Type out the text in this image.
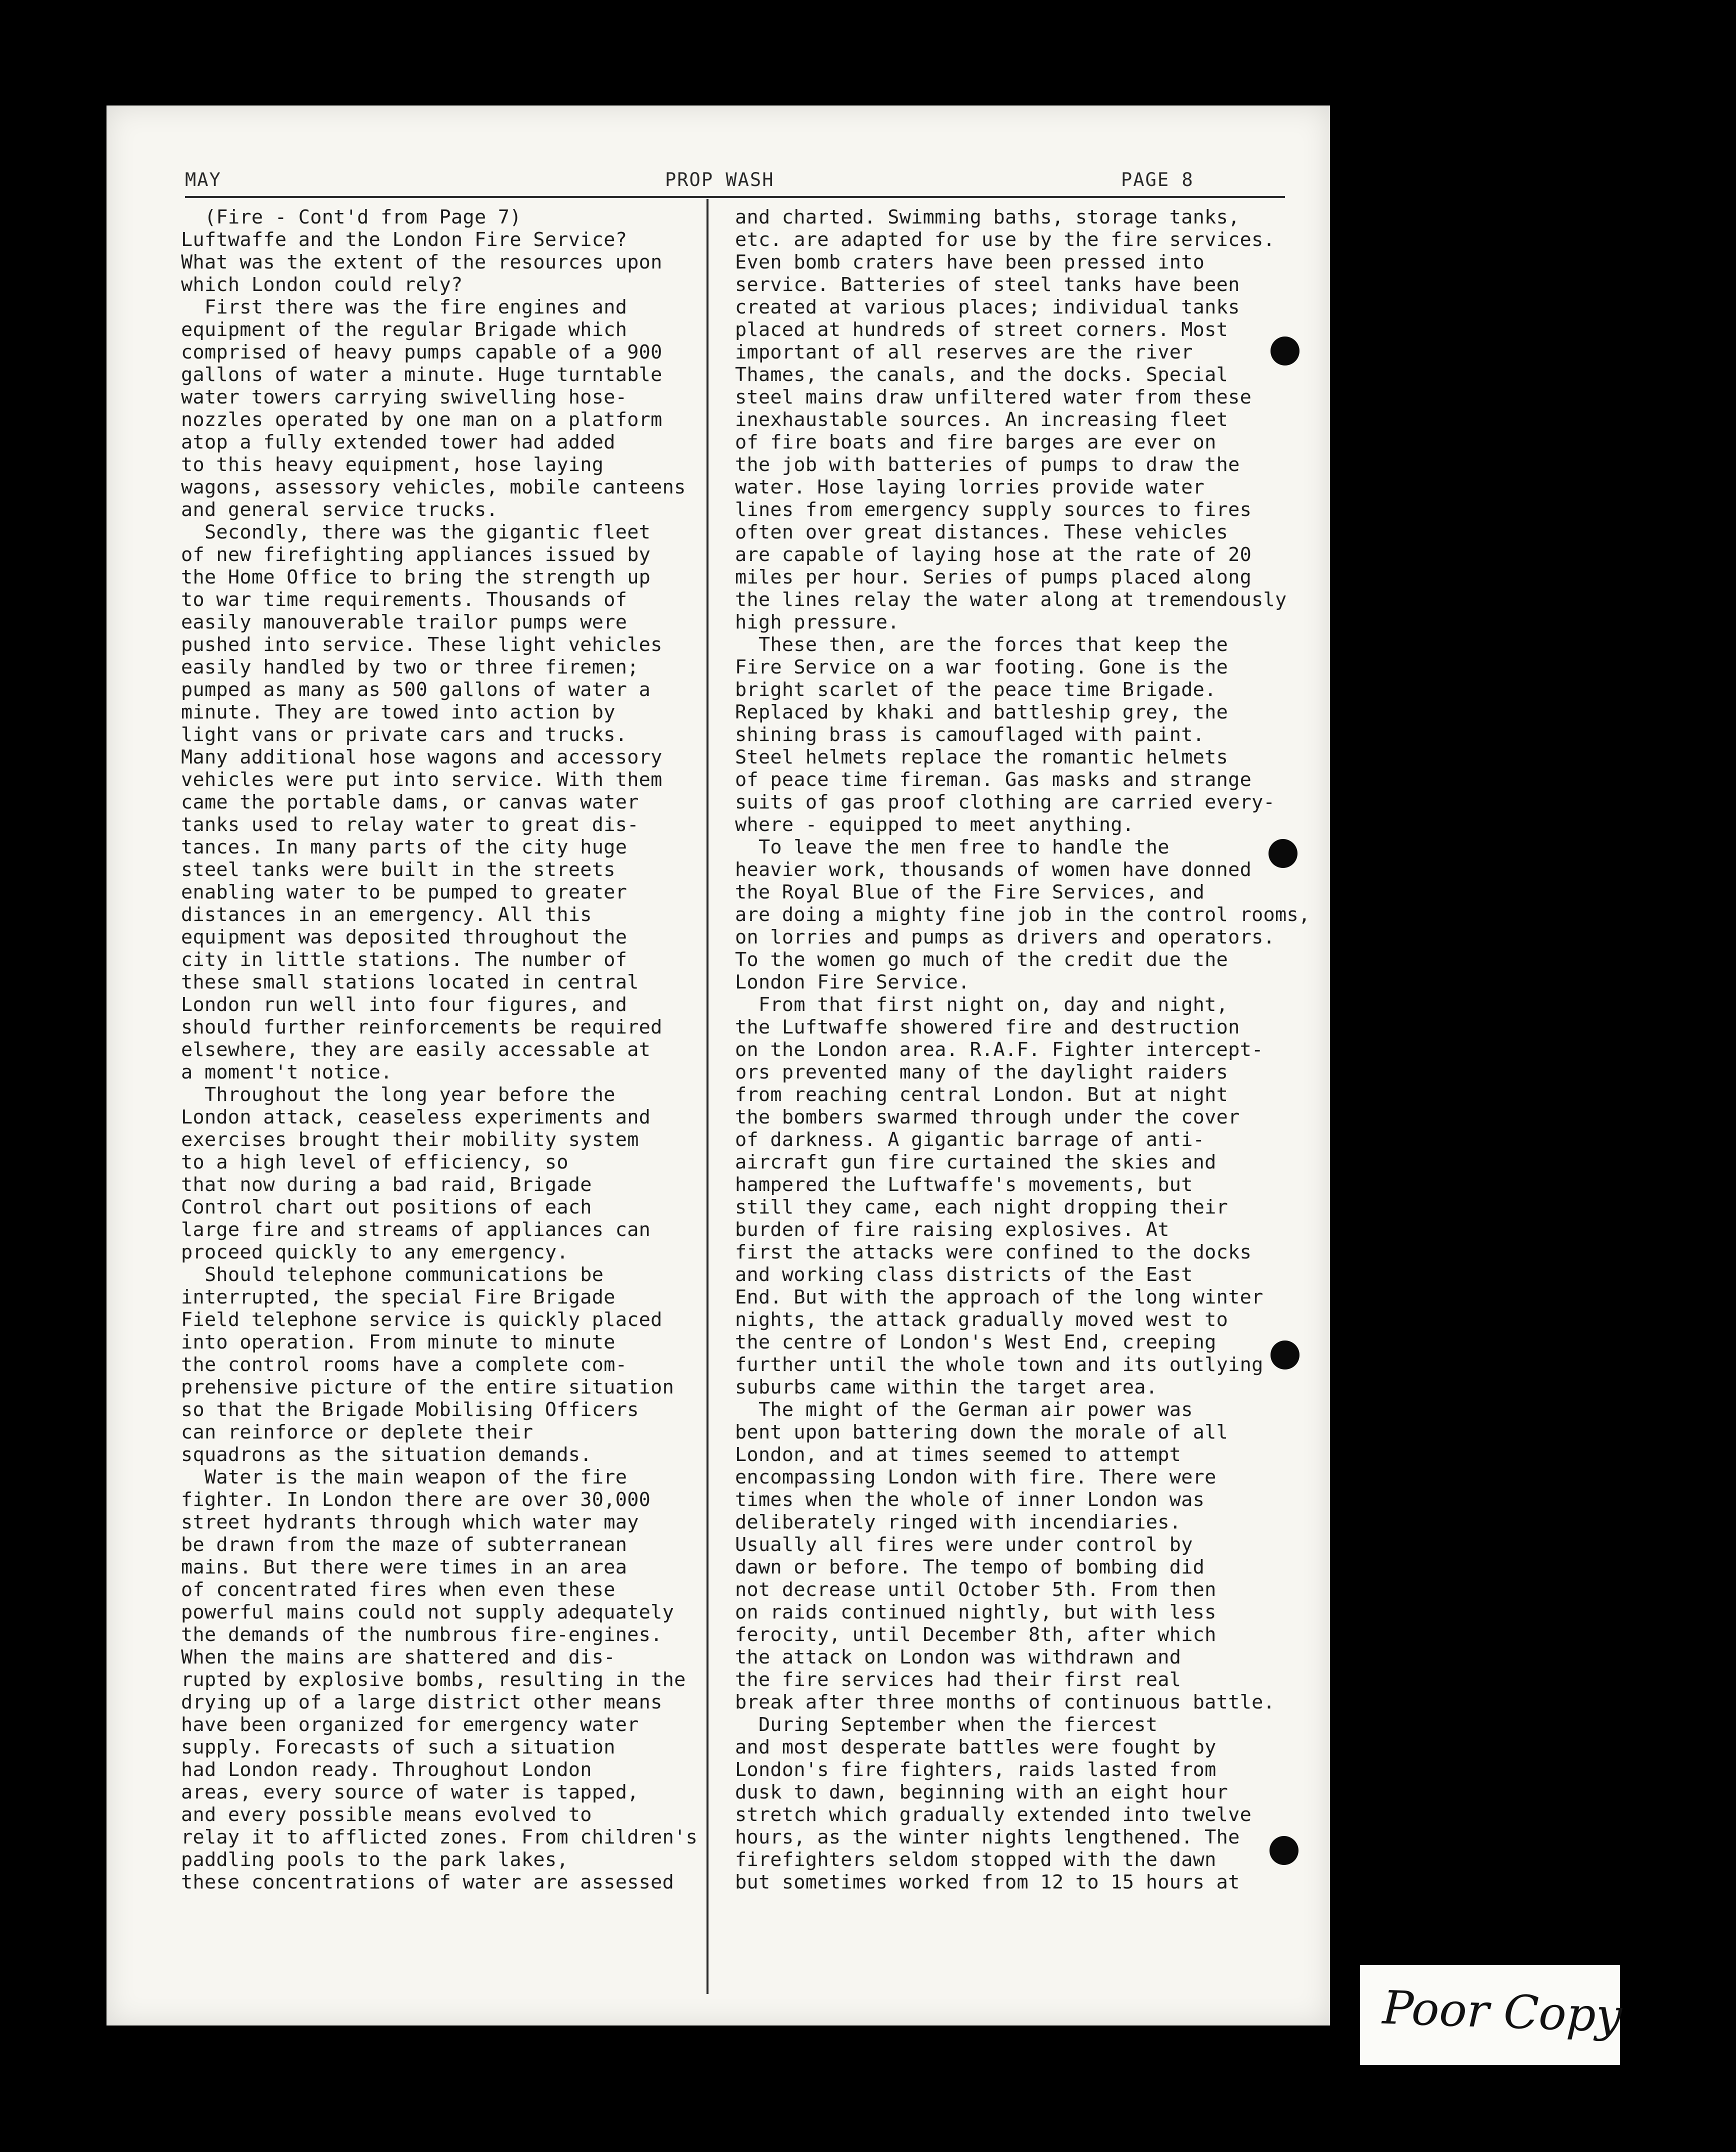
MAY	PROP WASH	PAGE 8
(Fire - Cont'd from Page 7)
Luftwaffe and the London Fire Service?
What was the extent of the resources upon
which London could rely?
First there was the fire engines and
equipment of the regular Brigade which
comprised of heavy pumps capable of a 900
gallons of water a minute. Huge turntable
water towers carrying swivelling hose-
nozzles operated by one man on a platform
atop a fully extended tower had added
to this heavy equipment, hose laying
wagons, assessory vehicles, mobile canteens
and general service trucks.
Secondly, there was the gigantic fleet
of new firefighting appliances issued by
the Home Office to bring the strength up
to war time requirements. Thousands of
easily manouverable trailor pumps were
pushed into service. These light vehicles
easily handled by two or three firemen;
pumped as many as 500 gallons of water a
minute. They are towed into action by
light vans or private cars and trucks.
Many additional hose wagons and accessory
vehicles were put into service. With them
came the portable dams, or canvas water
tanks used to relay water to great dis-
tances. In many parts of the city huge
steel tanks were built in the streets
enabling water to be pumped to greater
distances in an emergency. All this
equipment was deposited throughout the
city in little stations. The number of
these small stations located in central
London run well into four figures, and
should further reinforcements be required
elsewhere, they are easily accessable at
a moment't notice.
Throughout the long year before the
London attack, ceaseless experiments and
exercises brought their mobility system
to a high level of efficiency, so
that now during a bad raid, Brigade
Control chart out positions of each
large fire and streams of appliances can
proceed quickly to any emergency.
Should telephone communications be
interrupted, the special Fire Brigade
Field telephone service is quickly placed
into operation. From minute to minute
the control rooms have a complete com-
prehensive picture of the entire situation
so that the Brigade Mobilising Officers
can reinforce or deplete their
squadrons as the situation demands.
Water is the main weapon of the fire
fighter. In London there are over 30,000
street hydrants through which water may
be drawn from the maze of subterranean
mains. But there were times in an area
of concentrated fires when even these
powerful mains could not supply adequately
the demands of the numbrous fire-engines.
When the mains are shattered and dis-
rupted by explosive bombs, resulting in the
drying up of a large district other means
have been organized for emergency water
supply. Forecasts of such a situation
had London ready. Throughout London
areas, every source of water is tapped,
and every possible means evolved to
relay it to afflicted zones. From children's
paddling pools to the park lakes,
these concentrations of water are assessed
and charted. Swimming baths, storage tanks,
etc. are adapted for use by the fire services.
Even bomb craters have been pressed into
service. Batteries of steel tanks have been
created at various places; individual tanks
placed at hundreds of street corners. Most
important of all reserves are the river
Thames, the canals, and the docks. Special
steel mains draw unfiltered water from these
inexhaustable sources. An increasing fleet
of fire boats and fire barges are ever on
the job with batteries of pumps to draw the
water. Hose laying lorries provide water
lines from emergency supply sources to fires
often over great distances. These vehicles
are capable of laying hose at the rate of 20
miles per hour. Series of pumps placed along
the lines relay the water along at tremendously
high pressure.
These then, are the forces that keep the
Fire Service on a war footing. Gone is the
bright scarlet of the peace time Brigade.
Replaced by khaki and battleship grey, the
shining brass is camouflaged with paint.
Steel helmets replace the romantic helmets
of peace time fireman. Gas masks and strange
suits of gas proof clothing are carried every-
where - equipped to meet anything.
To leave the men free to handle the
heavier work, thousands of women have donned
the Royal Blue of the Fire Services, and
are doing a mighty fine job in the control rooms,
on lorries and pumps as drivers and operators.
To the women go much of the credit due the
London Fire Service.
From that first night on, day and night,
the Luftwaffe showered fire and destruction
on the London area. R.A.F. Fighter intercept-
ors prevented many of the daylight raiders
from reaching central London. But at night
the bombers swarmed through under the cover
of darkness. A gigantic barrage of anti-
aircraft gun fire curtained the skies and
hampered the Luftwaffe's movements, but
still they came, each night dropping their
burden of fire raising explosives. At
first the attacks were confined to the docks
and working class districts of the East
End. But with the approach of the long winter
nights, the attack gradually moved west to
the centre of London's West End, creeping
further until the whole town and its outlying
suburbs came within the target area.
The might of the German air power was
bent upon battering down the morale of all
London, and at times seemed to attempt
encompassing London with fire. There were
times when the whole of inner London was
deliberately ringed with incendiaries.
Usually all fires were under control by
dawn or before. The tempo of bombing did
not decrease until October 5th. From then
on raids continued nightly, but with less
ferocity, until December 8th, after which
the attack on London was withdrawn and
the fire services had their first real
break after three months of continuous battle.
During September when the fiercest
and most desperate battles were fought by
London's fire fighters, raids lasted from
dusk to dawn, beginning with an eight hour
stretch which gradually extended into twelve
hours, as the winter nights lengthened. The
firefighters seldom stopped with the dawn
but sometimes worked from 12 to 15 hours at
Poor Copy
